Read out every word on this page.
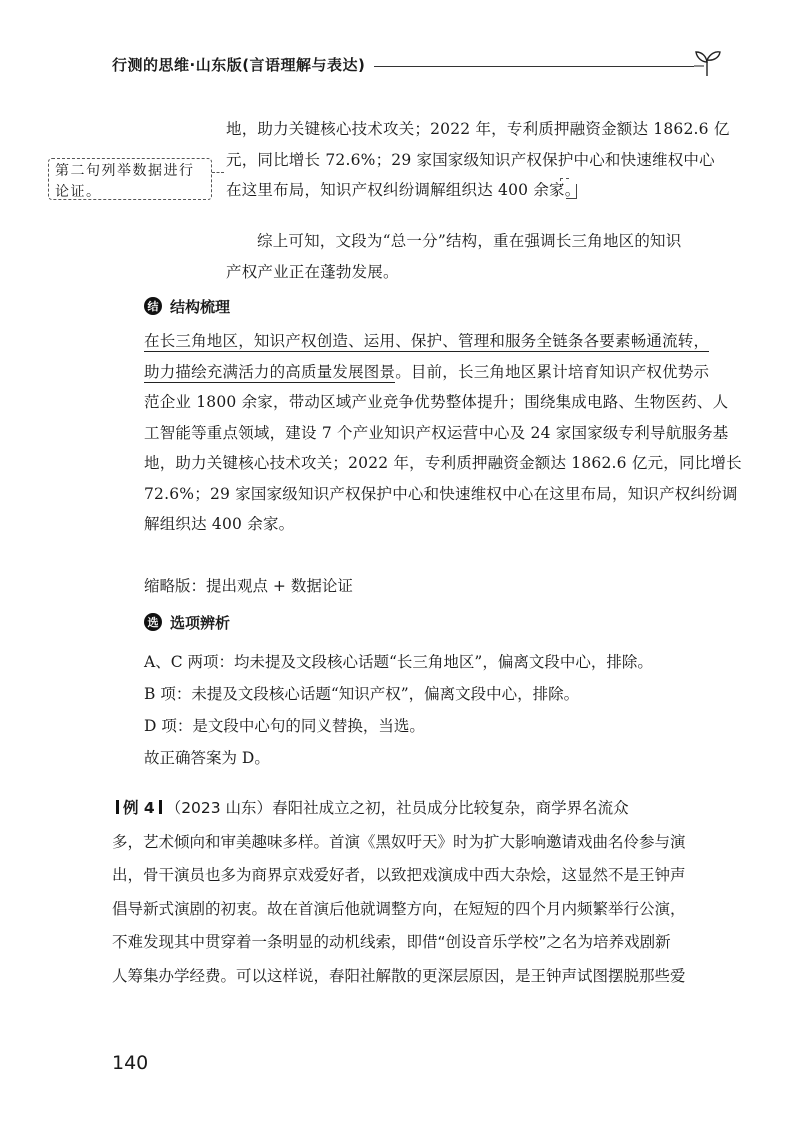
行测的思维·山东版(言语理解与表达)
第二句列举数据进行
论证。
地，助力关键核心技术攻关；2022 年，专利质押融资金额达 1862.6 亿
元，同比增长 72.6%；29 家国家级知识产权保护中心和快速维权中心
在这里布局，知识产权纠纷调解组织达 400 余家。
综上可知，文段为“总一分”结构，重在强调长三角地区的知识
产权产业正在蓬勃发展。
结 结构梳理
在长三角地区，知识产权创造、运用、保护、管理和服务全链条各要素畅通流转，
助力描绘充满活力的高质量发展图景。目前，长三角地区累计培育知识产权优势示
范企业 1800 余家，带动区域产业竞争优势整体提升；围绕集成电路、生物医药、人
工智能等重点领域，建设 7 个产业知识产权运营中心及 24 家国家级专利导航服务基
地，助力关键核心技术攻关；2022 年，专利质押融资金额达 1862.6 亿元，同比增长
72.6%；29 家国家级知识产权保护中心和快速维权中心在这里布局，知识产权纠纷调
解组织达 400 余家。
缩略版：提出观点 + 数据论证
选 选项辨析
A、C 两项：均未提及文段核心话题“长三角地区”，偏离文段中心，排除。
B 项：未提及文段核心话题“知识产权”，偏离文段中心，排除。
D 项：是文段中心句的同义替换，当选。
故正确答案为 D。
例 4 （2023 山东）春阳社成立之初，社员成分比较复杂，商学界名流众
多，艺术倾向和审美趣味多样。首演《黑奴吁天》时为扩大影响邀请戏曲名伶参与演
出，骨干演员也多为商界京戏爱好者，以致把戏演成中西大杂烩，这显然不是王钟声
倡导新式演剧的初衷。故在首演后他就调整方向，在短短的四个月内频繁举行公演，
不难发现其中贯穿着一条明显的动机线索，即借“创设音乐学校”之名为培养戏剧新
人筹集办学经费。可以这样说，春阳社解散的更深层原因，是王钟声试图摆脱那些爱
140
